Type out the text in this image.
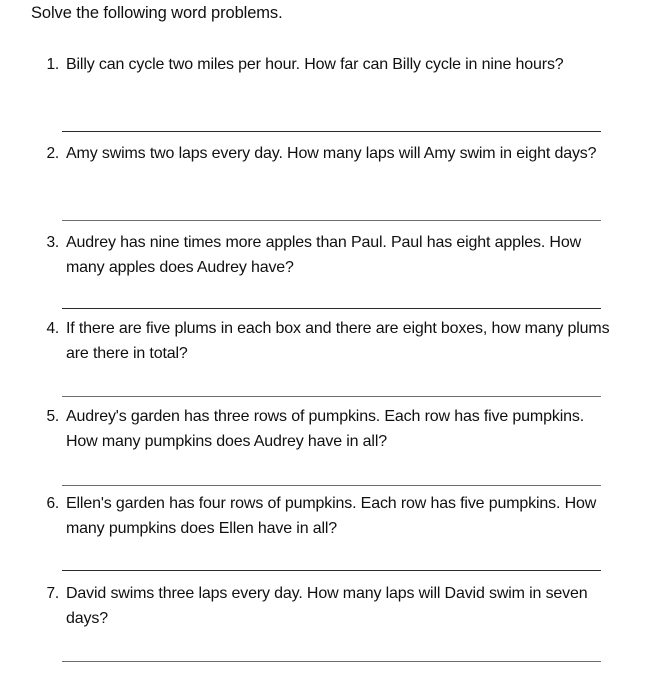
Solve the following word problems.
1. Billy can cycle two miles per hour. How far can Billy cycle in nine hours?
2. Amy swims two laps every day. How many laps will Amy swim in eight days?
3. Audrey has nine times more apples than Paul. Paul has eight apples. How many apples does Audrey have?
4. If there are five plums in each box and there are eight boxes, how many plums are there in total?
5. Audrey's garden has three rows of pumpkins. Each row has five pumpkins. How many pumpkins does Audrey have in all?
6. Ellen's garden has four rows of pumpkins. Each row has five pumpkins. How many pumpkins does Ellen have in all?
7. David swims three laps every day. How many laps will David swim in seven days?
